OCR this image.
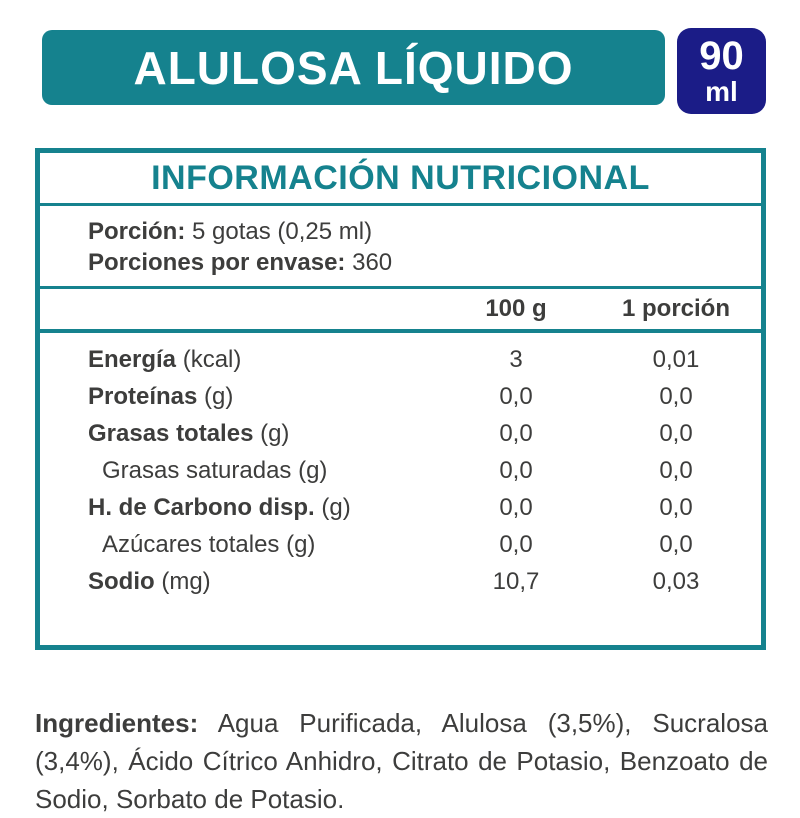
ALULOSA LÍQUIDO	90
ml
INFORMACIÓN NUTRICIONAL
Porción: 5 gotas (0,25 ml)
Porciones por envase: 360
100 g	1 porción
Energía (kcal)	3	0,01
Proteínas (g)	0,0	0,0
Grasas totales (g)	0,0	0,0
Grasas saturadas (g)	0,0	0,0
H. de Carbono disp. (g)	0,0	0,0
Azúcares totales (g)	0,0	0,0
Sodio (mg)	10,7	0,03

Ingredientes: Agua Purificada, Alulosa (3,5%), Sucralosa (3,4%), Ácido Cítrico Anhidro, Citrato de Potasio, Benzoato de Sodio, Sorbato de Potasio.
